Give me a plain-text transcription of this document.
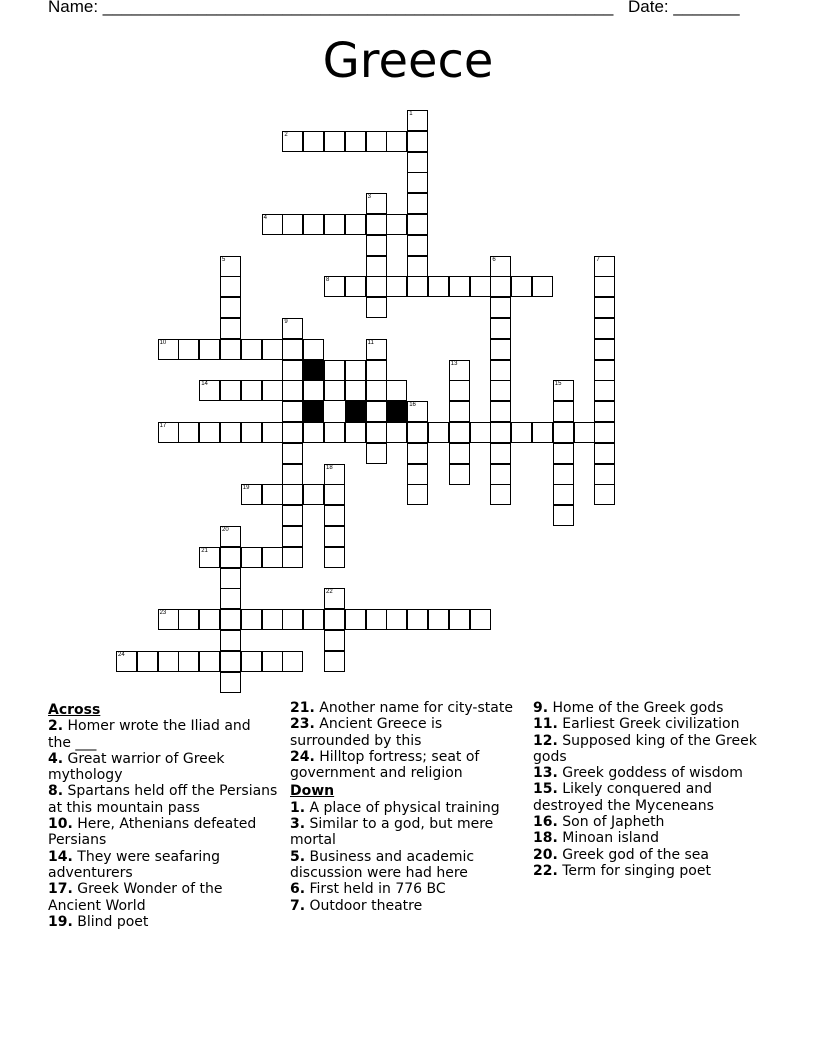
Name: ______________________________________________________ Date: _______
Greece
1
2
3
4
5	6	7
8
9
10	11
12	13
14	15
16
17
18
19
20
21
22
23
24
Across
2. Homer wrote the Iliad and the ___
4. Great warrior of Greek mythology
8. Spartans held off the Persians at this mountain pass
10. Here, Athenians defeated Persians
14. They were seafaring adventurers
17. Greek Wonder of the Ancient World
19. Blind poet
21. Another name for city-state
23. Ancient Greece is surrounded by this
24. Hilltop fortress; seat of government and religion
Down
1. A place of physical training
3. Similar to a god, but mere mortal
5. Business and academic discussion were had here
6. First held in 776 BC
7. Outdoor theatre
9. Home of the Greek gods
11. Earliest Greek civilization
12. Supposed king of the Greek gods
13. Greek goddess of wisdom
15. Likely conquered and destroyed the Myceneans
16. Son of Japheth
18. Minoan island
20. Greek god of the sea
22. Term for singing poet
